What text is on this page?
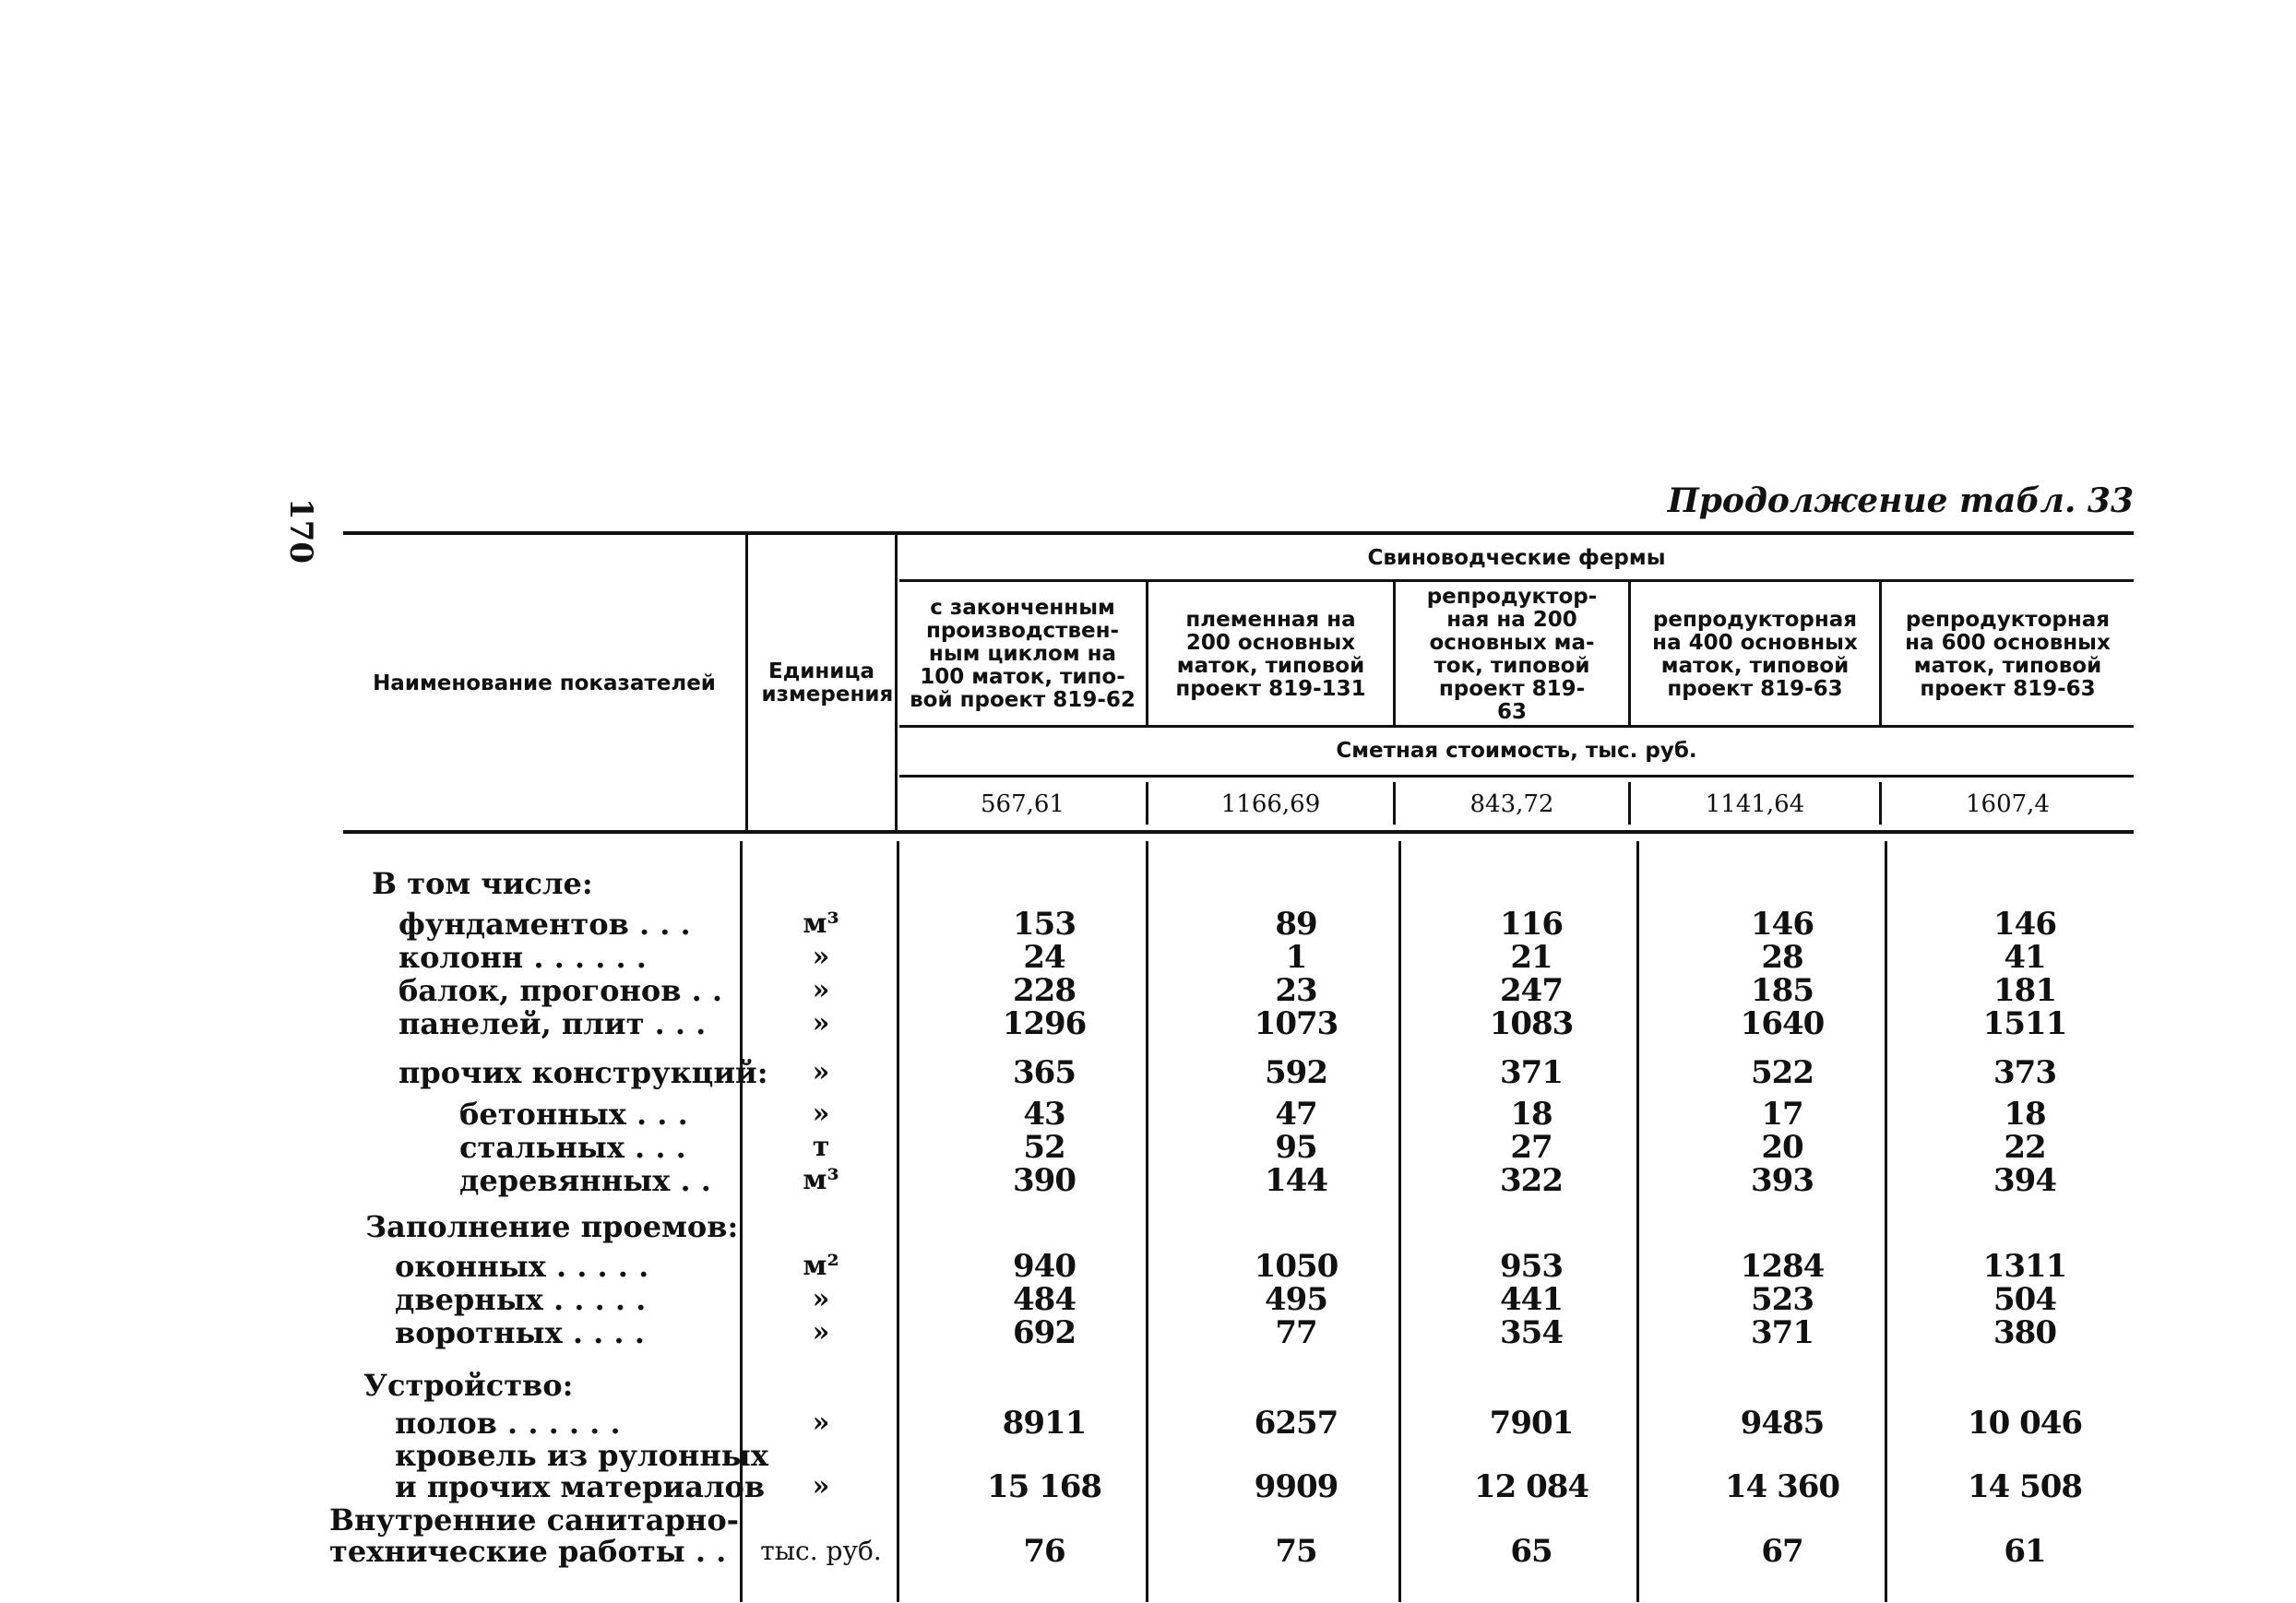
170	Продолжение табл. 33
Наименование показателей	Единица измерения
Свиноводческие фермы
с законченным производствен-ным циклом на 100 маток, типо-вой проект 819-62
племенная на 200 основных маток, типовой проект 819-131
репродуктор-ная на 200 основных ма-ток, типовой проект 819-63
репродукторная на 400 основных маток, типовой проект 819-63
репродукторная на 600 основных маток, типовой проект 819-63
Сметная стоимость, тыс. руб.
567,61	1166,69	843,72	1141,64	1607,4
В том числе:
Заполнение проемов:
Устройство:
фундаментов . . .	м³	153	89	116	146	146
колонн . . . . . .	»	24	1	21	28	41
балок, прогонов . .	»	228	23	247	185	181
панелей, плит . . .	»	1296	1073	1083	1640	1511
прочих конструкций:	»	365	592	371	522	373
бетонных . . .	»	43	47	18	17	18
стальных . . .	т	52	95	27	20	22
деревянных . .	м³	390	144	322	393	394
оконных . . . . .	м²	940	1050	953	1284	1311
дверных . . . . .	»	484	495	441	523	504
воротных . . . .	»	692	77	354	371	380
полов . . . . . .	»	8911	6257	7901	9485	10 046
кровель из рулонных
и прочих материалов	»	15 168	9909	12 084	14 360	14 508
Внутренние санитарно-
технические работы . .	тыс. руб.	76	75	65	67	61
